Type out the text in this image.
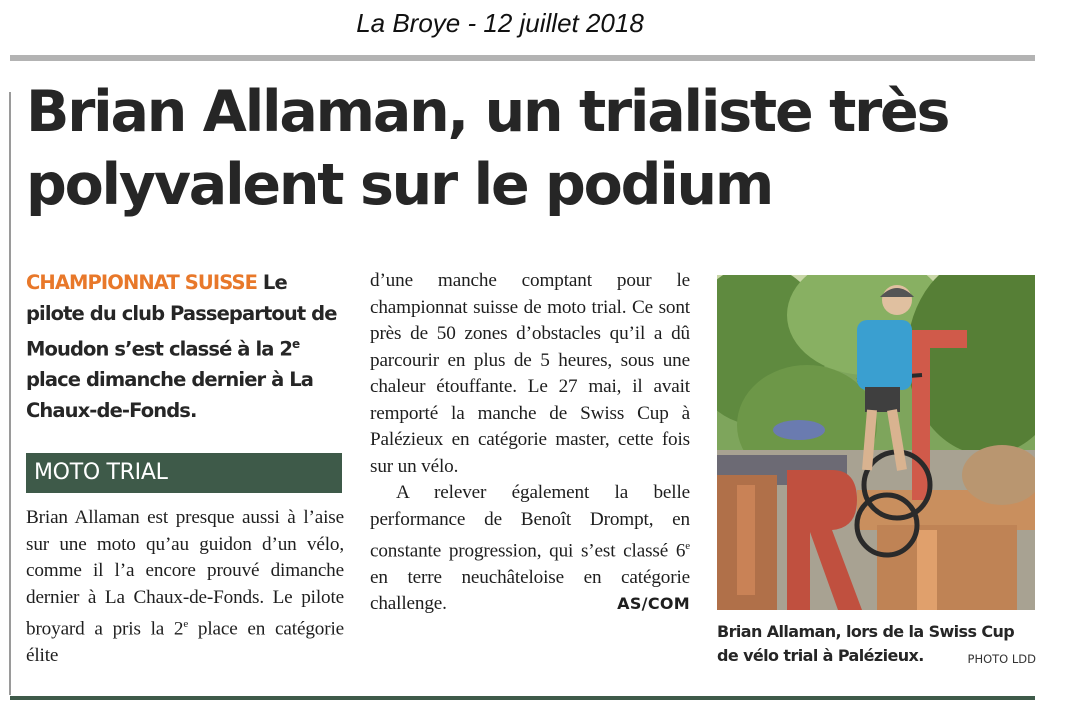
La Broye - 12 juillet 2018
Brian Allaman, un trialiste très polyvalent sur le podium

CHAMPIONNAT SUISSE Le pilote du club Passepartout de Moudon s’est classé à la 2e place dimanche dernier à La Chaux-de-Fonds.

MOTO TRIAL

Brian Allaman est presque aussi à l’aise sur une moto qu’au guidon d’un vélo, comme il l’a encore prouvé dimanche dernier à La Chaux-de-Fonds. Le pilote broyard a pris la 2e place en catégorie élite

d’une manche comptant pour le championnat suisse de moto trial. Ce sont près de 50 zones d’obstacles qu’il a dû parcourir en plus de 5 heures, sous une chaleur étouffante. Le 27 mai, il avait remporté la manche de Swiss Cup à Palézieux en catégorie master, cette fois sur un vélo.

A relever également la belle performance de Benoît Drompt, en constante progression, qui s’est classé 6e en terre neuchâteloise en catégorie challenge.	AS/COM

Brian Allaman, lors de la Swiss Cup de vélo trial à Palézieux.	PHOTO LDD
